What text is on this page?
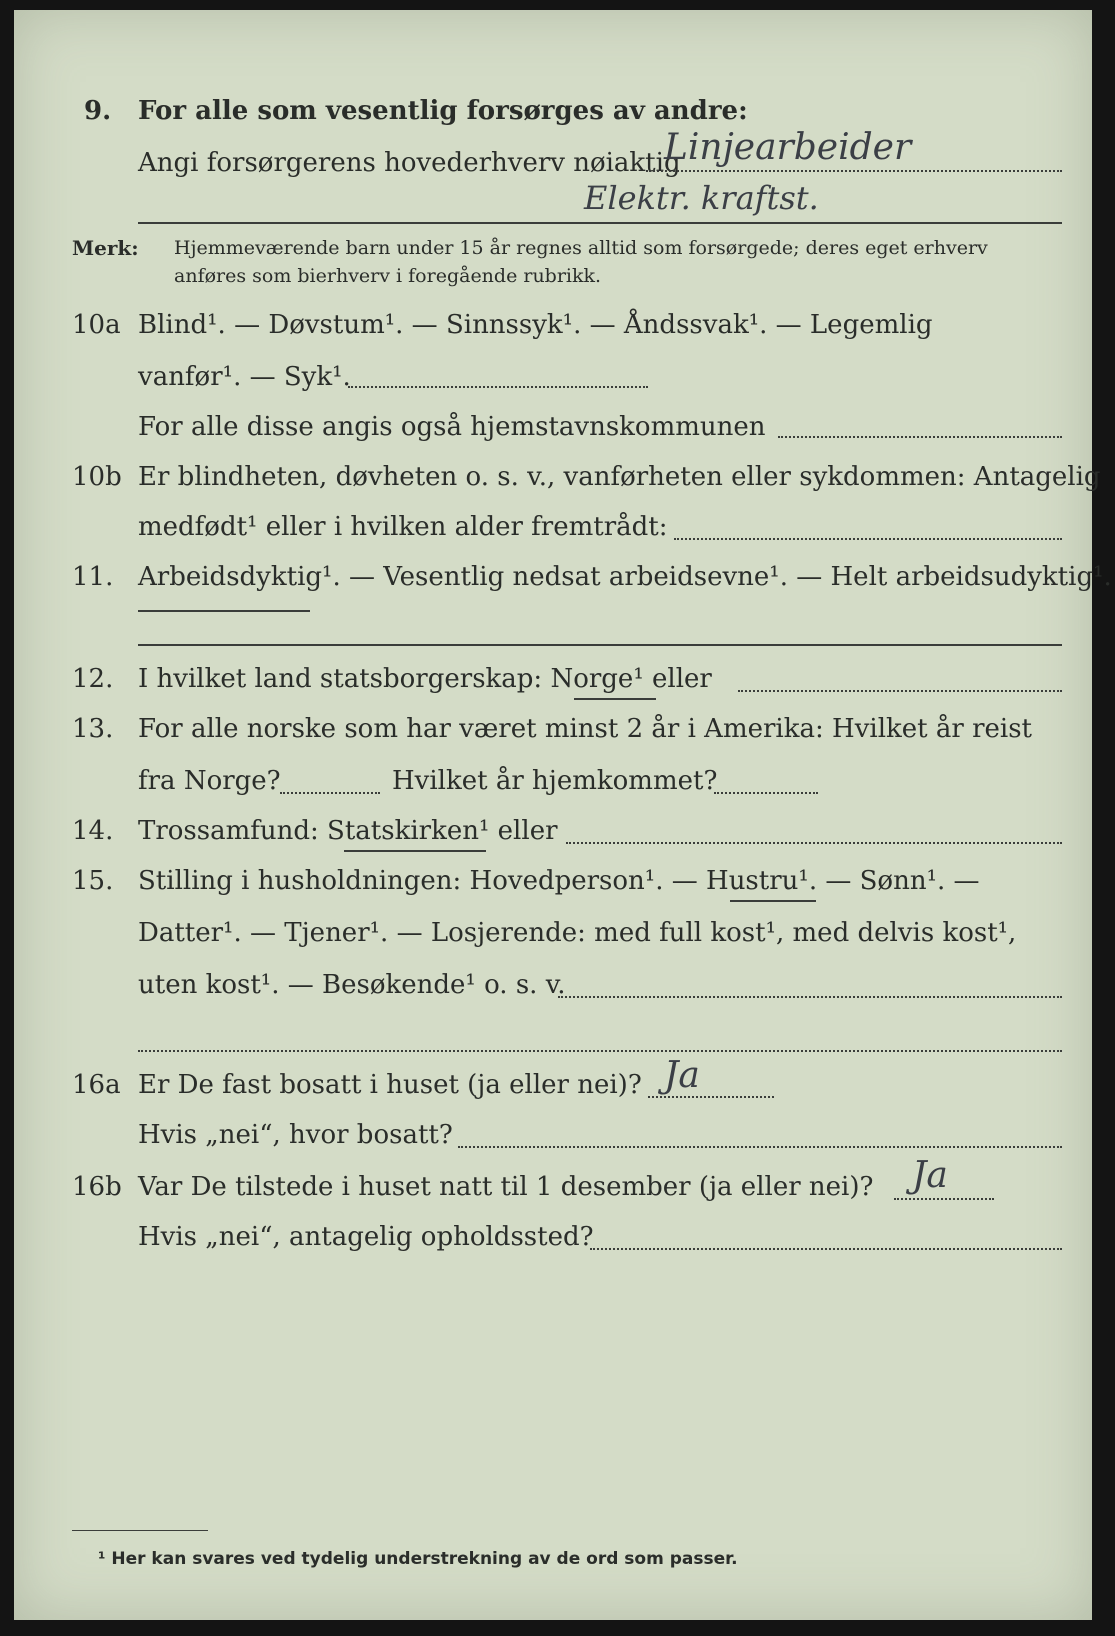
9. For alle som vesentlig forsørges av andre:
Angi forsørgerens hovederhverv nøiaktig
Linjearbeider
Elektr. kraftst.
Merk: Hjemmeværende barn under 15 år regnes alltid som forsørgede; deres eget erhverv
anføres som bierhverv i foregående rubrikk.
10a Blind¹. — Døvstum¹. — Sinnssyk¹. — Åndssvak¹. — Legemlig
vanfør¹. — Syk¹.
For alle disse angis også hjemstavnskommunen
10b Er blindheten, døvheten o. s. v., vanførheten eller sykdommen: Antagelig
medfødt¹ eller i hvilken alder fremtrådt:
11. Arbeidsdyktig¹. — Vesentlig nedsat arbeidsevne¹. — Helt arbeidsudyktig¹.
12. I hvilket land statsborgerskap: Norge¹ eller
13. For alle norske som har været minst 2 år i Amerika: Hvilket år reist
fra Norge?	Hvilket år hjemkommet?
14. Trossamfund: Statskirken¹ eller
15. Stilling i husholdningen: Hovedperson¹. — Hustru¹. — Sønn¹. —
Datter¹. — Tjener¹. — Losjerende: med full kost¹, med delvis kost¹,
uten kost¹. — Besøkende¹ o. s. v.
16a Er De fast bosatt i huset (ja eller nei)? Ja
Hvis „nei“, hvor bosatt?
16b Var De tilstede i huset natt til 1 desember (ja eller nei)? Ja
Hvis „nei“, antagelig opholdssted?
¹ Her kan svares ved tydelig understrekning av de ord som passer.
